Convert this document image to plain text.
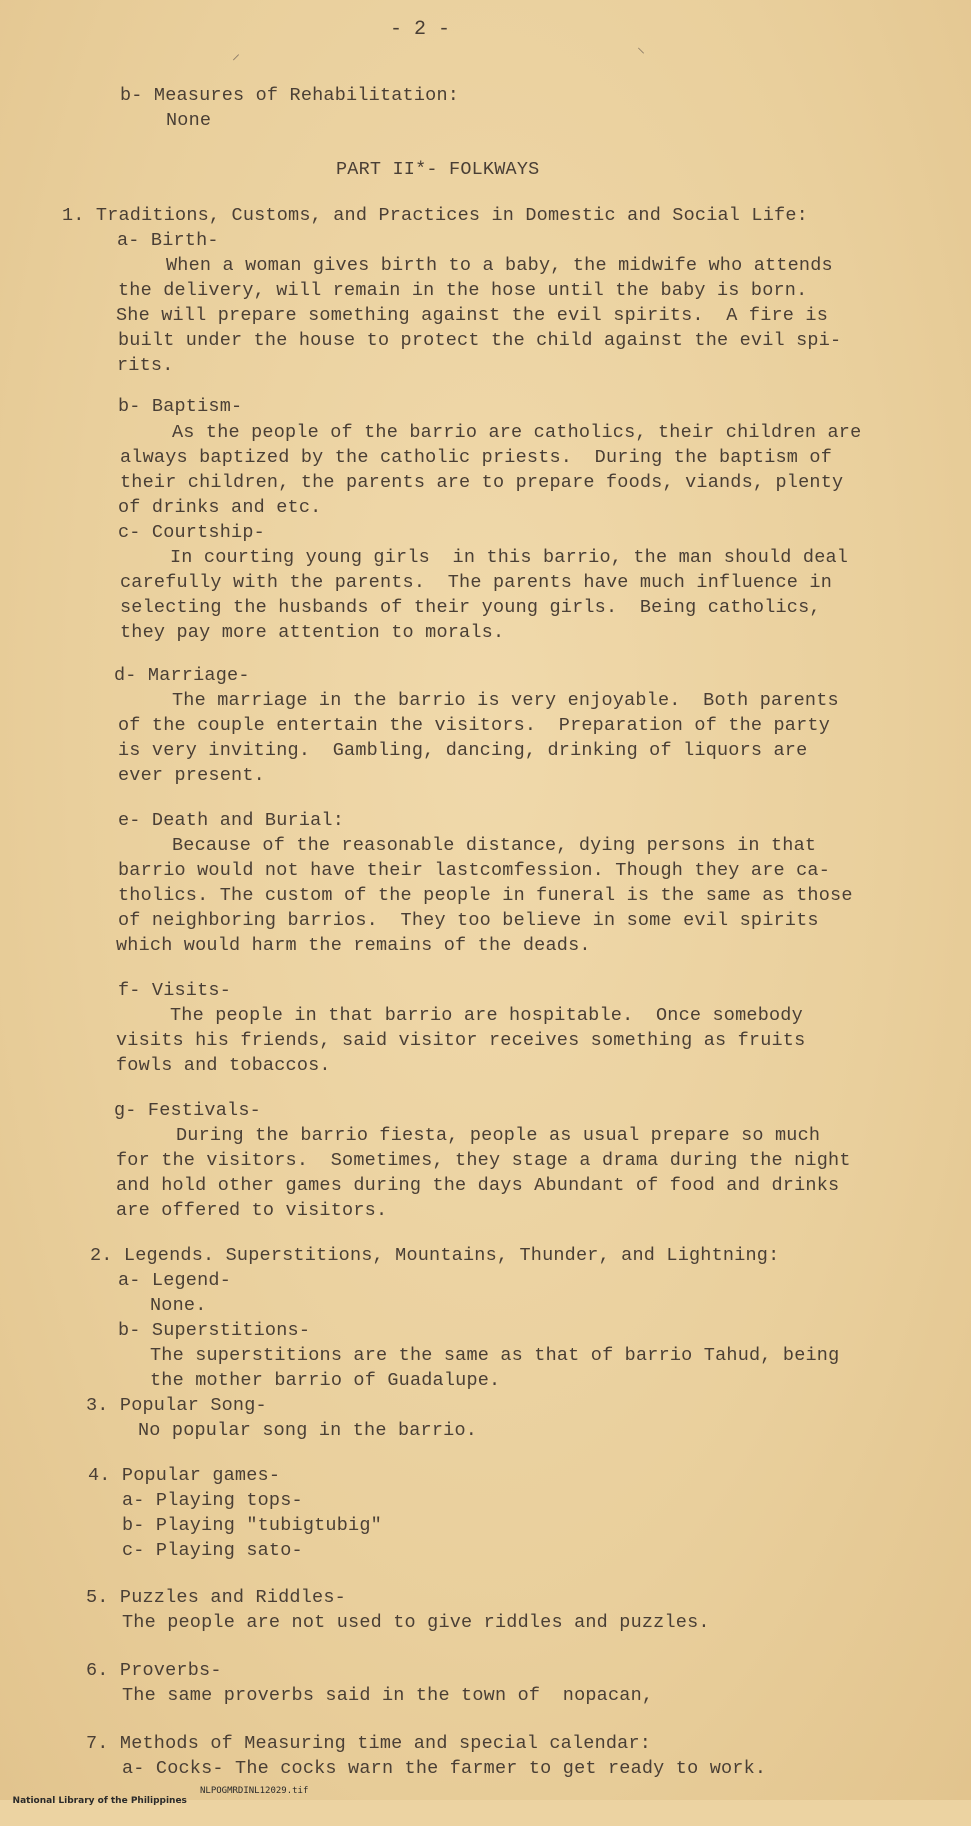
- 2 -
⸝	⸌
b- Measures of Rehabilitation:
None
PART II*- FOLKWAYS
1. Traditions, Customs, and Practices in Domestic and Social Life:
a- Birth-
When a woman gives birth to a baby, the midwife who attends
the delivery, will remain in the hose until the baby is born.
She will prepare something against the evil spirits.  A fire is
built under the house to protect the child against the evil spi-
rits.
b- Baptism-
As the people of the barrio are catholics, their children are
always baptized by the catholic priests.  During the baptism of
their children, the parents are to prepare foods, viands, plenty
of drinks and etc.
c- Courtship-
In courting young girls  in this barrio, the man should deal
carefully with the parents.  The parents have much influence in
selecting the husbands of their young girls.  Being catholics,
they pay more attention to morals.
d- Marriage-
The marriage in the barrio is very enjoyable.  Both parents
of the couple entertain the visitors.  Preparation of the party
is very inviting.  Gambling, dancing, drinking of liquors are
ever present.
e- Death and Burial:
Because of the reasonable distance, dying persons in that
barrio would not have their lastcomfession. Though they are ca-
tholics. The custom of the people in funeral is the same as those
of neighboring barrios.  They too believe in some evil spirits
which would harm the remains of the deads.
f- Visits-
The people in that barrio are hospitable.  Once somebody
visits his friends, said visitor receives something as fruits
fowls and tobaccos.
g- Festivals-
During the barrio fiesta, people as usual prepare so much
for the visitors.  Sometimes, they stage a drama during the night
and hold other games during the days Abundant of food and drinks
are offered to visitors.
2. Legends. Superstitions, Mountains, Thunder, and Lightning:
a- Legend-
None.
b- Superstitions-
The superstitions are the same as that of barrio Tahud, being
the mother barrio of Guadalupe.
3. Popular Song-
No popular song in the barrio.
4. Popular games-
a- Playing tops-
b- Playing "tubigtubig"
c- Playing sato-
5. Puzzles and Riddles-
The people are not used to give riddles and puzzles.
6. Proverbs-
The same proverbs said in the town of  nopacan,
7. Methods of Measuring time and special calendar:
a- Cocks- The cocks warn the farmer to get ready to work.

National Library of the Philippines

NLPOGMRDINL12029.tif
